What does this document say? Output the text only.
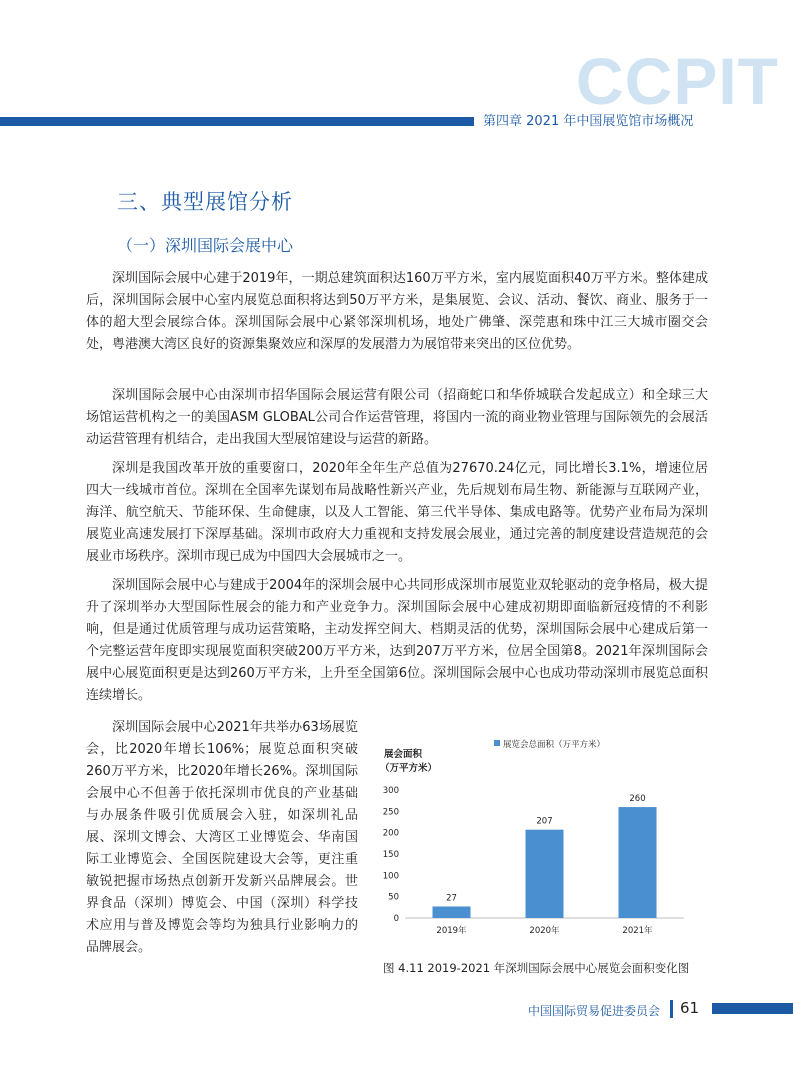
CCPIT
第四章 2021 年中国展览馆市场概况
三、典型展馆分析
（一）深圳国际会展中心

深圳国际会展中心建于2019年，一期总建筑面积达160万平方米，室内展览面积40万平方米。整体建成后，深圳国际会展中心室内展览总面积将达到50万平方米，是集展览、会议、活动、餐饮、商业、服务于一体的超大型会展综合体。深圳国际会展中心紧邻深圳机场，地处广佛肇、深莞惠和珠中江三大城市圈交会处，粤港澳大湾区良好的资源集聚效应和深厚的发展潜力为展馆带来突出的区位优势。

深圳国际会展中心由深圳市招华国际会展运营有限公司（招商蛇口和华侨城联合发起成立）和全球三大场馆运营机构之一的美国ASM GLOBAL公司合作运营管理，将国内一流的商业物业管理与国际领先的会展活动运营管理有机结合，走出我国大型展馆建设与运营的新路。

深圳是我国改革开放的重要窗口，2020年全年生产总值为27670.24亿元，同比增长3.1%，增速位居四大一线城市首位。深圳在全国率先谋划布局战略性新兴产业，先后规划布局生物、新能源与互联网产业，海洋、航空航天、节能环保、生命健康，以及人工智能、第三代半导体、集成电路等。优势产业布局为深圳展览业高速发展打下深厚基础。深圳市政府大力重视和支持发展会展业，通过完善的制度建设营造规范的会展业市场秩序。深圳市现已成为中国四大会展城市之一。

深圳国际会展中心与建成于2004年的深圳会展中心共同形成深圳市展览业双轮驱动的竞争格局，极大提升了深圳举办大型国际性展会的能力和产业竞争力。深圳国际会展中心建成初期即面临新冠疫情的不利影响，但是通过优质管理与成功运营策略，主动发挥空间大、档期灵活的优势，深圳国际会展中心建成后第一个完整运营年度即实现展览面积突破200万平方米，达到207万平方米，位居全国第8。2021年深圳国际会展中心展览面积更是达到260万平方米，上升至全国第6位。深圳国际会展中心也成功带动深圳市展览总面积连续增长。

深圳国际会展中心2021年共举办63场展览会，比2020年增长106%；展览总面积突破260万平方米，比2020年增长26%。深圳国际会展中心不但善于依托深圳市优良的产业基础与办展条件吸引优质展会入驻，如深圳礼品展、深圳文博会、大湾区工业博览会、华南国际工业博览会、全国医院建设大会等，更注重敏锐把握市场热点创新开发新兴品牌展会。世界食品（深圳）博览会、中国（深圳）科学技术应用与普及博览会等均为独具行业影响力的品牌展会。

展会面积
（万平方米）
展览会总面积（万平方米）
300
250
200
150
100
50
0
27
2019年
207
2020年
260
2021年
图 4.11 2019-2021 年深圳国际会展中心展览会面积变化图
中国国际贸易促进委员会 61
